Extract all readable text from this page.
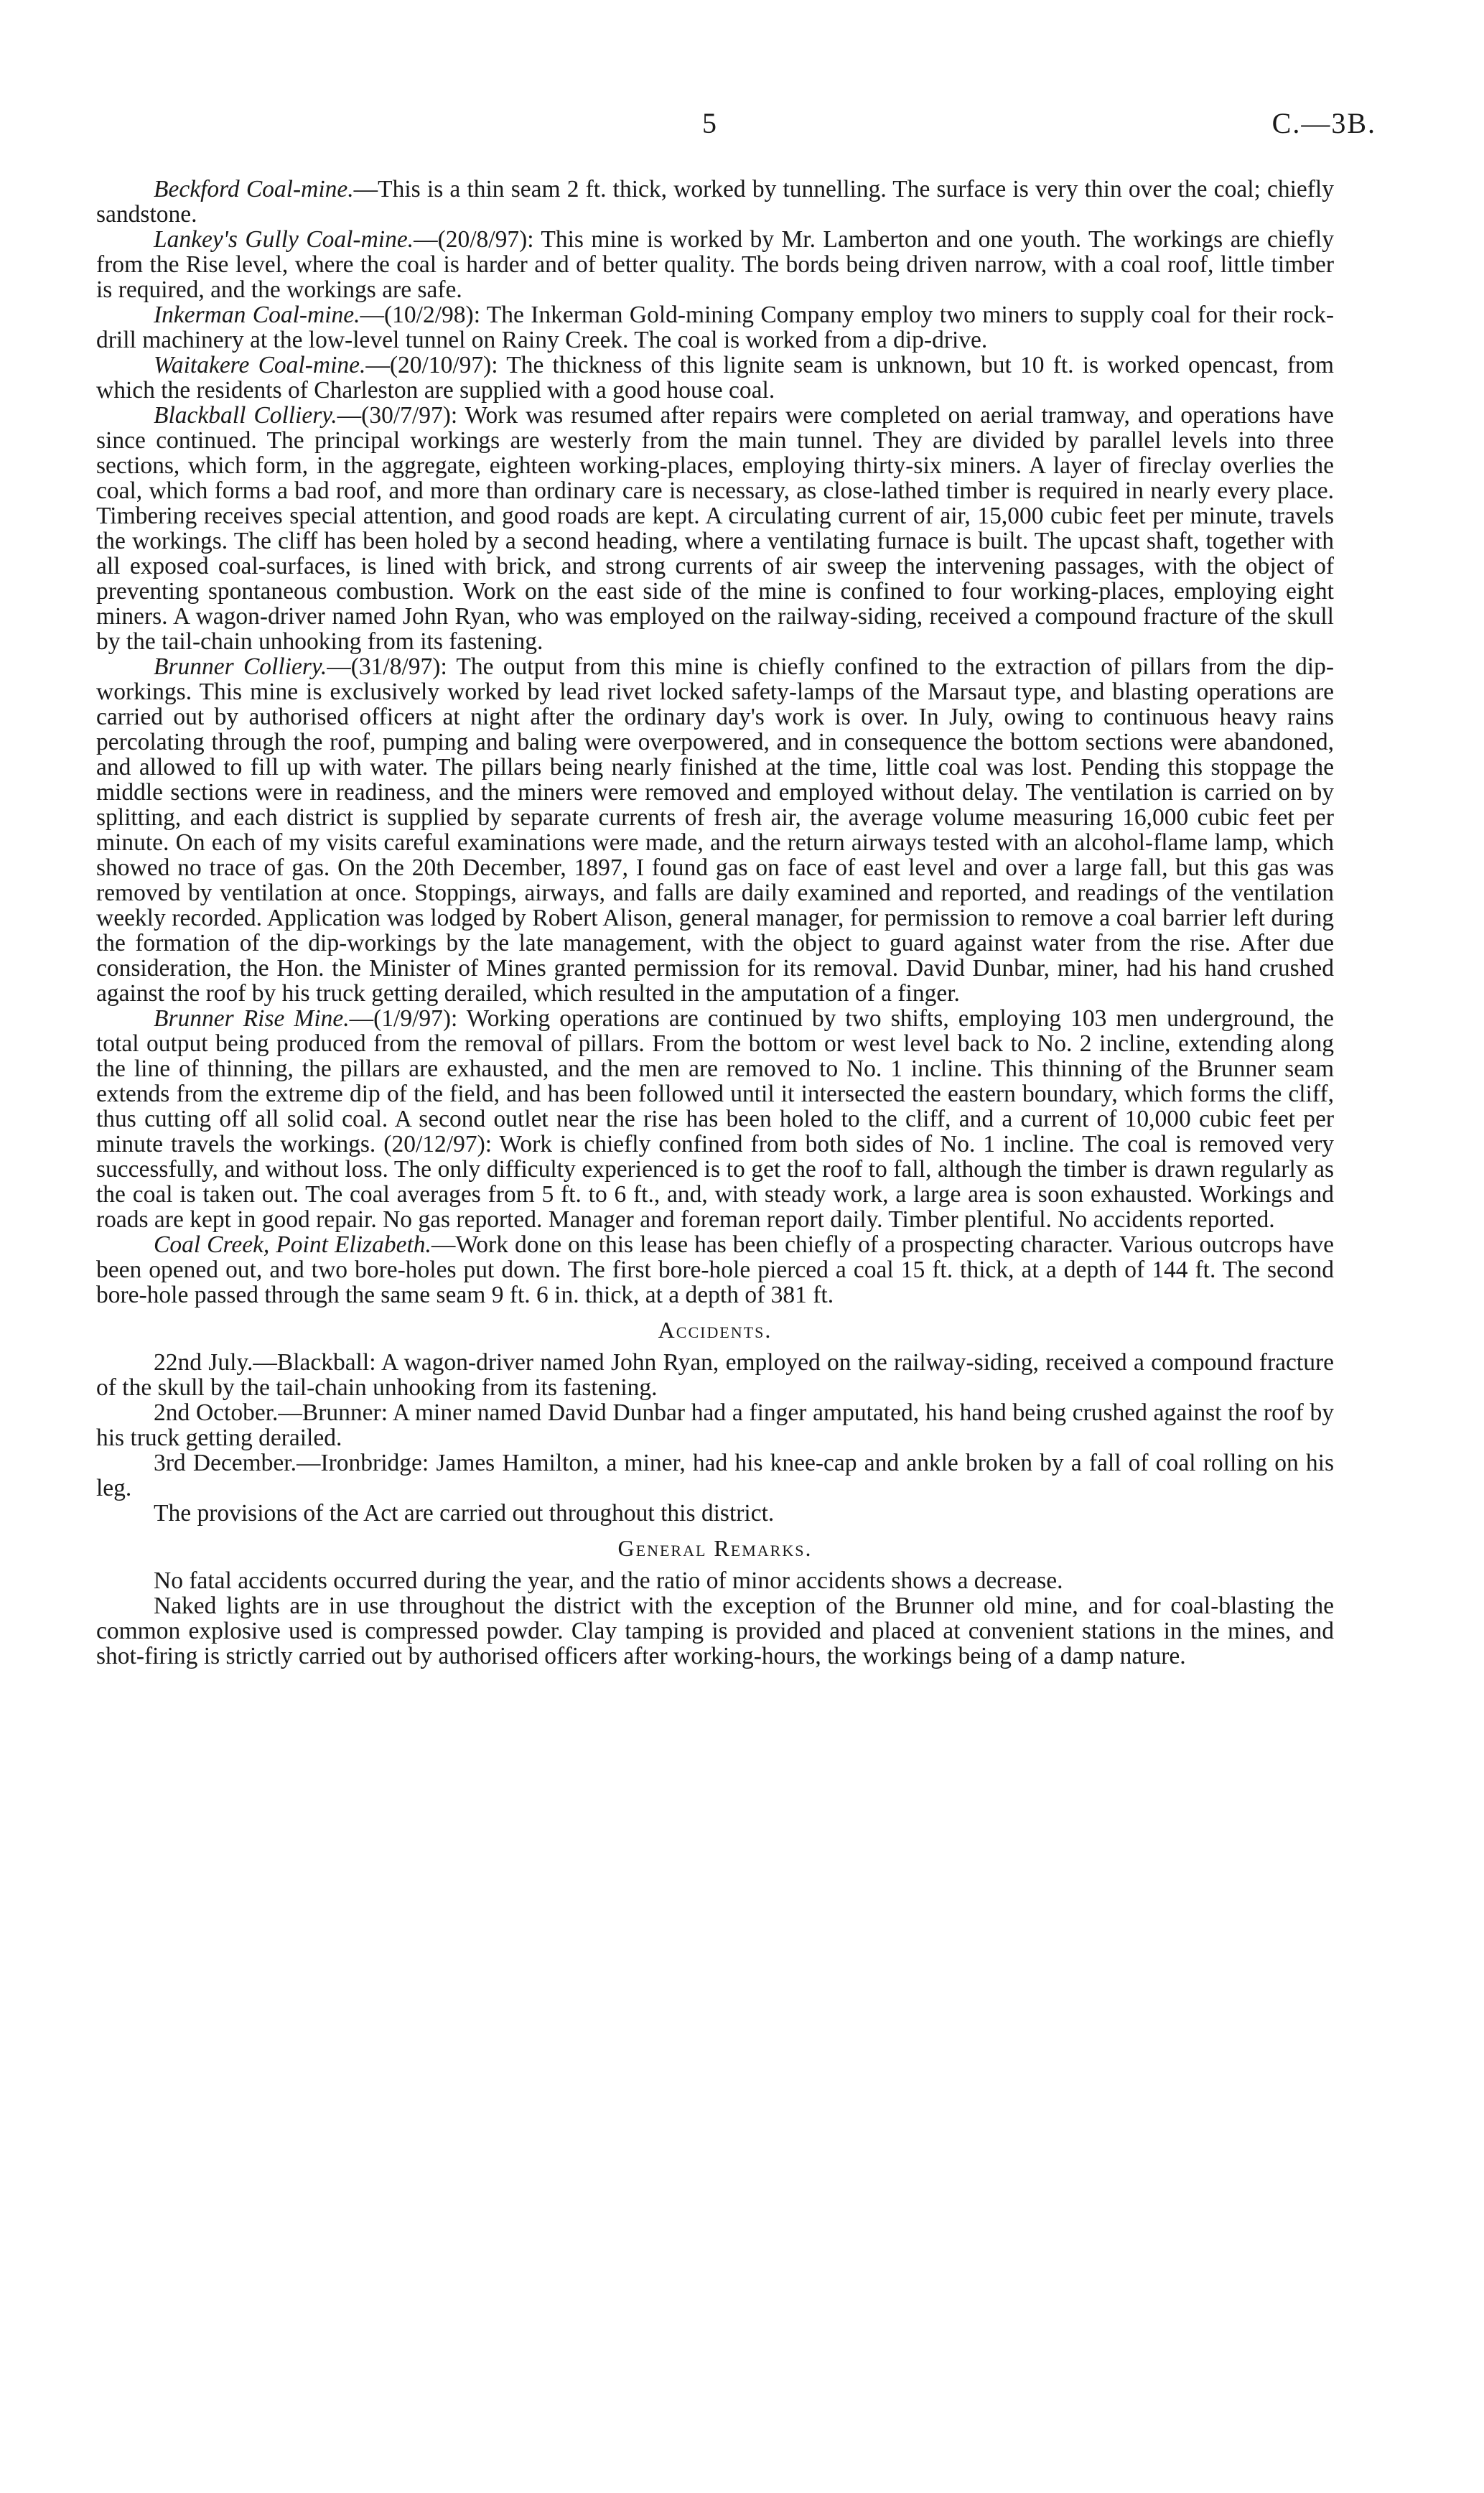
5	C.—3B.

Beckford Coal-mine.—This is a thin seam 2 ft. thick, worked by tunnelling. The surface is very thin over the coal; chiefly sandstone.

Lankey's Gully Coal-mine.—(20/8/97): This mine is worked by Mr. Lamberton and one youth. The workings are chiefly from the Rise level, where the coal is harder and of better quality. The bords being driven narrow, with a coal roof, little timber is required, and the workings are safe.

Inkerman Coal-mine.—(10/2/98): The Inkerman Gold-mining Company employ two miners to supply coal for their rock-drill machinery at the low-level tunnel on Rainy Creek. The coal is worked from a dip-drive.

Waitakere Coal-mine.—(20/10/97): The thickness of this lignite seam is unknown, but 10 ft. is worked opencast, from which the residents of Charleston are supplied with a good house coal.

Blackball Colliery.—(30/7/97): Work was resumed after repairs were completed on aerial tramway, and operations have since continued. The principal workings are westerly from the main tunnel. They are divided by parallel levels into three sections, which form, in the aggregate, eighteen working-places, employing thirty-six miners. A layer of fireclay overlies the coal, which forms a bad roof, and more than ordinary care is necessary, as close-lathed timber is required in nearly every place. Timbering receives special attention, and good roads are kept. A circulating current of air, 15,000 cubic feet per minute, travels the workings. The cliff has been holed by a second heading, where a ventilating furnace is built. The upcast shaft, together with all exposed coal-surfaces, is lined with brick, and strong currents of air sweep the intervening passages, with the object of preventing spontaneous combustion. Work on the east side of the mine is confined to four working-places, employing eight miners. A wagon-driver named John Ryan, who was employed on the railway-siding, received a compound fracture of the skull by the tail-chain unhooking from its fastening.

Brunner Colliery.—(31/8/97): The output from this mine is chiefly confined to the extraction of pillars from the dip-workings. This mine is exclusively worked by lead rivet locked safety-lamps of the Marsaut type, and blasting operations are carried out by authorised officers at night after the ordinary day's work is over. In July, owing to continuous heavy rains percolating through the roof, pumping and baling were overpowered, and in consequence the bottom sections were abandoned, and allowed to fill up with water. The pillars being nearly finished at the time, little coal was lost. Pending this stoppage the middle sections were in readiness, and the miners were removed and employed without delay. The ventilation is carried on by splitting, and each district is supplied by separate currents of fresh air, the average volume measuring 16,000 cubic feet per minute. On each of my visits careful examinations were made, and the return airways tested with an alcohol-flame lamp, which showed no trace of gas. On the 20th December, 1897, I found gas on face of east level and over a large fall, but this gas was removed by ventilation at once. Stoppings, airways, and falls are daily examined and reported, and readings of the ventilation weekly recorded. Application was lodged by Robert Alison, general manager, for permission to remove a coal barrier left during the formation of the dip-workings by the late management, with the object to guard against water from the rise. After due consideration, the Hon. the Minister of Mines granted permission for its removal. David Dunbar, miner, had his hand crushed against the roof by his truck getting derailed, which resulted in the amputation of a finger.

Brunner Rise Mine.—(1/9/97): Working operations are continued by two shifts, employing 103 men underground, the total output being produced from the removal of pillars. From the bottom or west level back to No. 2 incline, extending along the line of thinning, the pillars are exhausted, and the men are removed to No. 1 incline. This thinning of the Brunner seam extends from the extreme dip of the field, and has been followed until it intersected the eastern boundary, which forms the cliff, thus cutting off all solid coal. A second outlet near the rise has been holed to the cliff, and a current of 10,000 cubic feet per minute travels the workings. (20/12/97): Work is chiefly confined from both sides of No. 1 incline. The coal is removed very successfully, and without loss. The only difficulty experienced is to get the roof to fall, although the timber is drawn regularly as the coal is taken out. The coal averages from 5 ft. to 6 ft., and, with steady work, a large area is soon exhausted. Workings and roads are kept in good repair. No gas reported. Manager and foreman report daily. Timber plentiful. No accidents reported.

Coal Creek, Point Elizabeth.—Work done on this lease has been chiefly of a prospecting character. Various outcrops have been opened out, and two bore-holes put down. The first bore-hole pierced a coal 15 ft. thick, at a depth of 144 ft. The second bore-hole passed through the same seam 9 ft. 6 in. thick, at a depth of 381 ft.

Accidents.

22nd July.—Blackball: A wagon-driver named John Ryan, employed on the railway-siding, received a compound fracture of the skull by the tail-chain unhooking from its fastening.

2nd October.—Brunner: A miner named David Dunbar had a finger amputated, his hand being crushed against the roof by his truck getting derailed.

3rd December.—Ironbridge: James Hamilton, a miner, had his knee-cap and ankle broken by a fall of coal rolling on his leg.

The provisions of the Act are carried out throughout this district.

General Remarks.

No fatal accidents occurred during the year, and the ratio of minor accidents shows a decrease.

Naked lights are in use throughout the district with the exception of the Brunner old mine, and for coal-blasting the common explosive used is compressed powder. Clay tamping is provided and placed at convenient stations in the mines, and shot-firing is strictly carried out by authorised officers after working-hours, the workings being of a damp nature.
